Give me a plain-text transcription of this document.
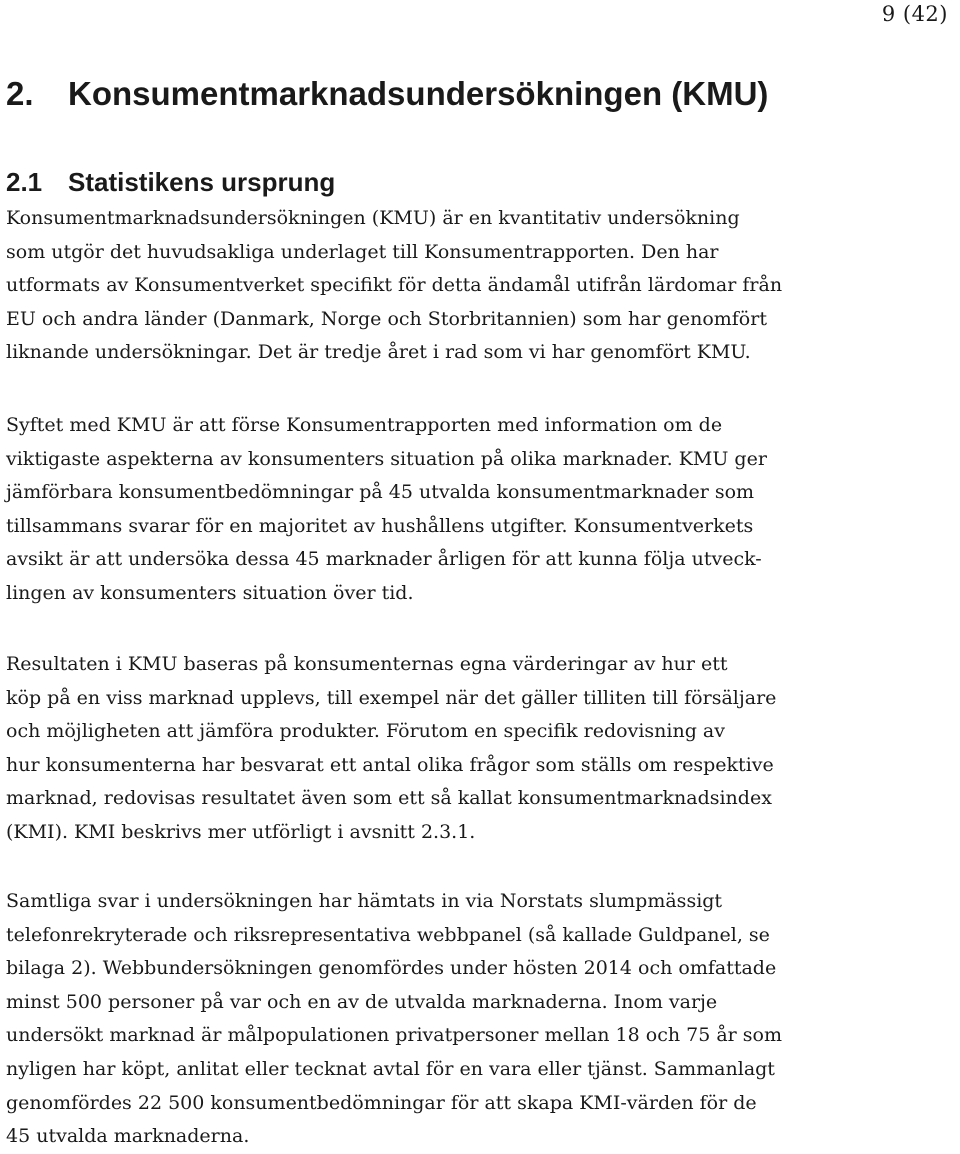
9 (42)
2. Konsumentmarknadsundersökningen (KMU)
2.1 Statistikens ursprung

Konsumentmarknadsundersökningen (KMU) är en kvantitativ undersökning
som utgör det huvudsakliga underlaget till Konsumentrapporten. Den har
utformats av Konsumentverket specifikt för detta ändamål utifrån lärdomar från
EU och andra länder (Danmark, Norge och Storbritannien) som har genomfört
liknande undersökningar. Det är tredje året i rad som vi har genomfört KMU.

Syftet med KMU är att förse Konsumentrapporten med information om de
viktigaste aspekterna av konsumenters situation på olika marknader. KMU ger
jämförbara konsumentbedömningar på 45 utvalda konsumentmarknader som
tillsammans svarar för en majoritet av hushållens utgifter. Konsumentverkets
avsikt är att undersöka dessa 45 marknader årligen för att kunna följa utveck-
lingen av konsumenters situation över tid.

Resultaten i KMU baseras på konsumenternas egna värderingar av hur ett
köp på en viss marknad upplevs, till exempel när det gäller tilliten till försäljare
och möjligheten att jämföra produkter. Förutom en specifik redovisning av
hur konsumenterna har besvarat ett antal olika frågor som ställs om respektive
marknad, redovisas resultatet även som ett så kallat konsumentmarknadsindex
(KMI). KMI beskrivs mer utförligt i avsnitt 2.3.1.

Samtliga svar i undersökningen har hämtats in via Norstats slumpmässigt
telefonrekryterade och riksrepresentativa webbpanel (så kallade Guldpanel, se
bilaga 2). Webbundersökningen genomfördes under hösten 2014 och omfattade
minst 500 personer på var och en av de utvalda marknaderna. Inom varje
undersökt marknad är målpopulationen privatpersoner mellan 18 och 75 år som
nyligen har köpt, anlitat eller tecknat avtal för en vara eller tjänst. Sammanlagt
genomfördes 22 500 konsumentbedömningar för att skapa KMI-värden för de
45 utvalda marknaderna.
